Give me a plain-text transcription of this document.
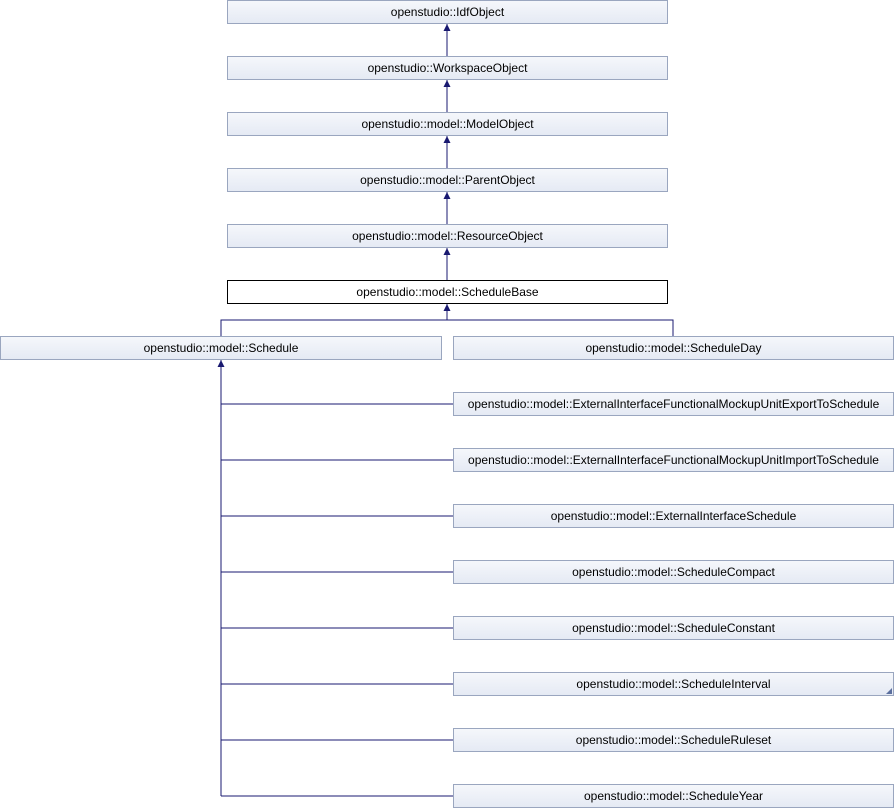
openstudio::IdfObject
openstudio::WorkspaceObject
openstudio::model::ModelObject
openstudio::model::ParentObject
openstudio::model::ResourceObject
openstudio::model::ScheduleBase
openstudio::model::Schedule	openstudio::model::ScheduleDay
openstudio::model::ExternalInterfaceFunctionalMockupUnitExportToSchedule
openstudio::model::ExternalInterfaceFunctionalMockupUnitImportToSchedule
openstudio::model::ExternalInterfaceSchedule
openstudio::model::ScheduleCompact
openstudio::model::ScheduleConstant
openstudio::model::ScheduleInterval
openstudio::model::ScheduleRuleset
openstudio::model::ScheduleYear
